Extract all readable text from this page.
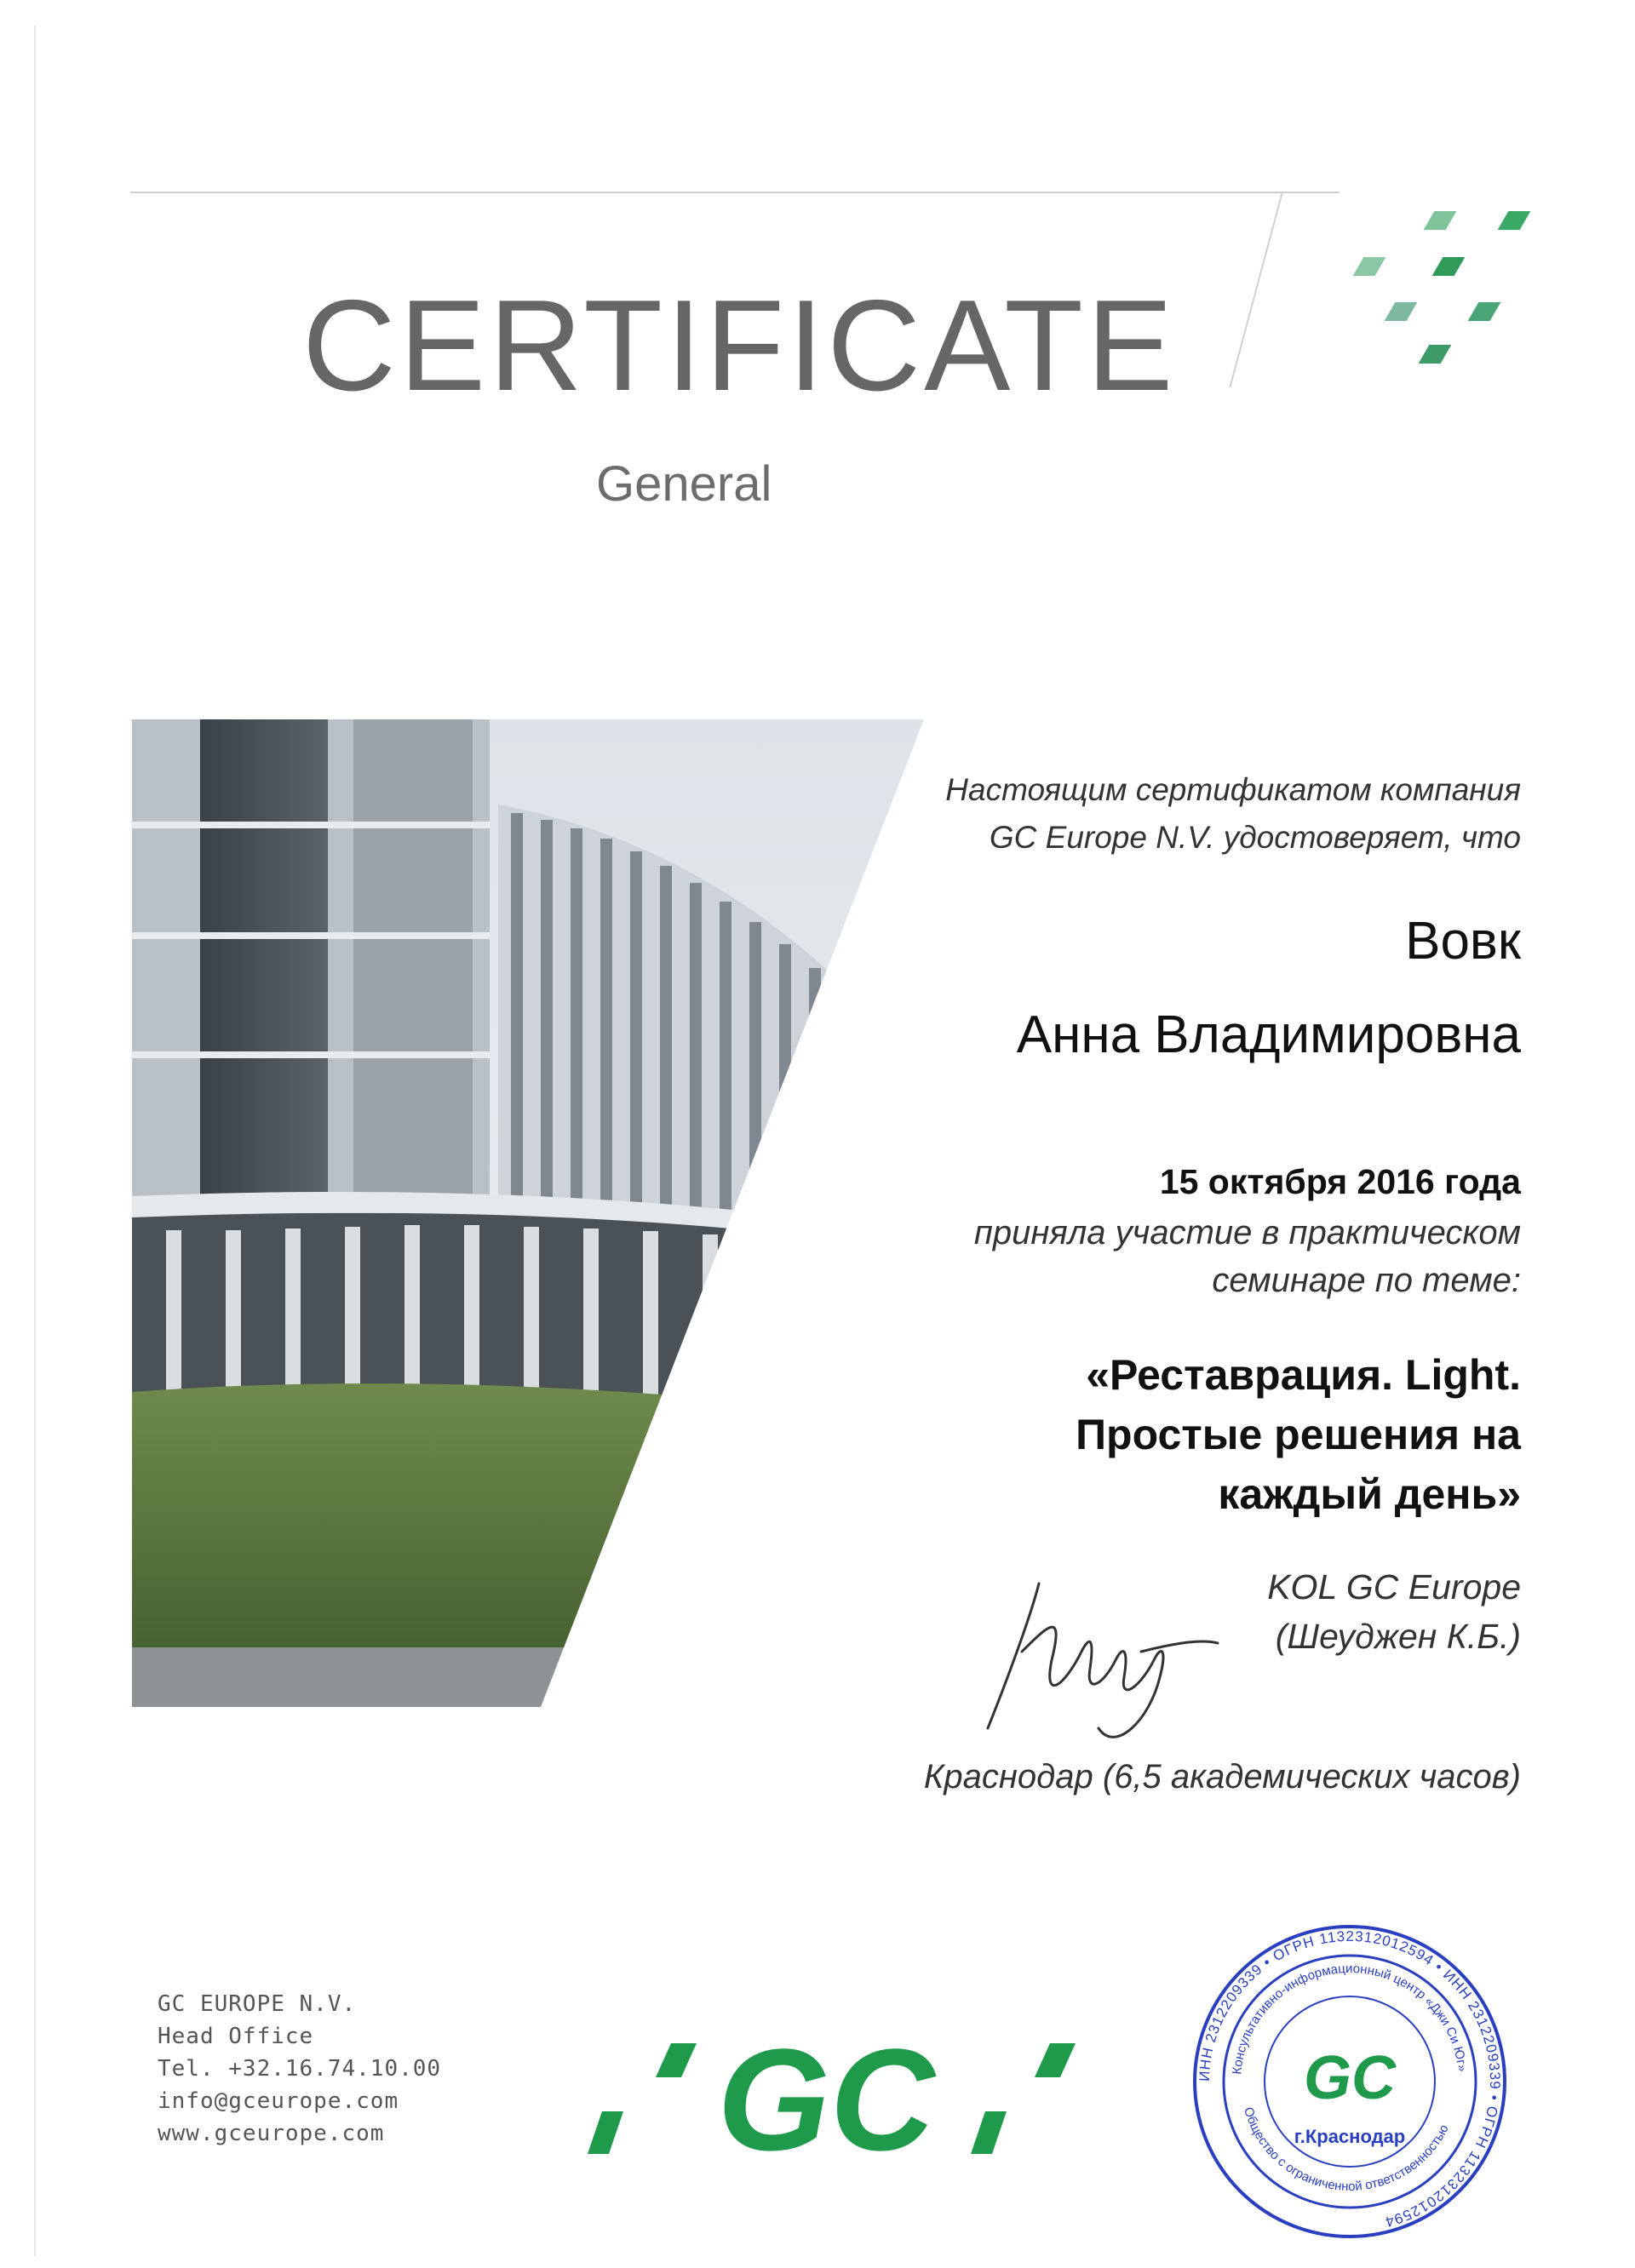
CERTIFICATE
General
Настоящим сертификатом компания
GC Europe N.V. удостоверяет, что
Вовк
Анна Владимировна
15 октября 2016 года
приняла участие в практическом
семинаре по теме:
«Реставрация. Light.
Простые решения на
каждый день»
KOL GC Europe
(Шеуджен К.Б.)
Краснодар (6,5 академических часов)
GC EUROPE N.V.
Head Office
Tel. +32.16.74.10.00
info@gceurope.com
www.gceurope.com	GC	ИНН 2312209339 • ОГРН 1132312012594 • ИНН 2312209339 • ОГРН 1132312012594
Консультативно-информационный центр «Джи Си Юг»
Общество с ограниченной ответственностью
GC
г.Краснодар
